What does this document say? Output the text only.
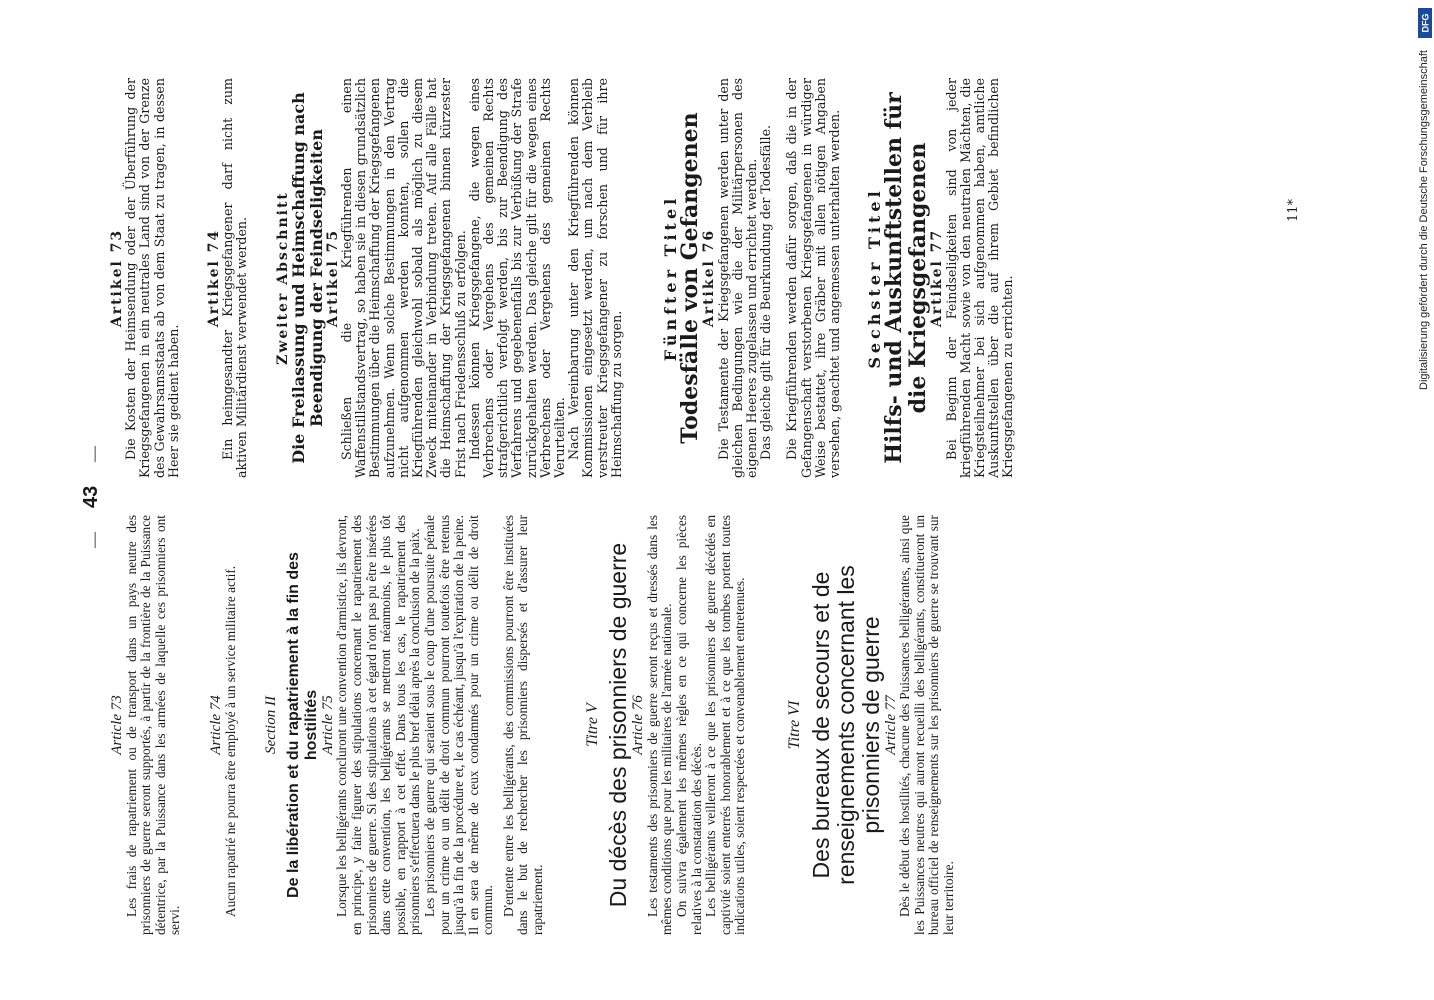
43
—
—
Article 73

Les frais de rapatriement ou de transport dans un pays neutre des prisonniers de guerre seront supportés, à partir de la frontière de la Puissance détentrice, par la Puissance dans les armées de laquelle ces prisonniers ont servi.

Article 74

Aucun rapatrié ne pourra être employé à un service militaire actif. Section II De la libération et du rapatriement à la fin des hostilités Article 75

Lorsque les belligérants concluront une convention d'armistice, ils devront, en principe, y faire figurer des stipulations concernant le rapatriement des prisonniers de guerre. Si des stipulations à cet égard n'ont pas pu être insérées dans cette convention, les belligérants se mettront néanmoins, le plus tôt possible, en rapport à cet effet. Dans tous les cas, le rapatriement des prisonniers s'effectuera dans le plus bref délai après la conclusion de la paix. Les prisonniers de guerre qui seraient sous le coup d'une poursuite pénale pour un crime ou un délit de droit commun pourront toutefois être retenus jusqu'à la fin de la procédure et, le cas échéant, jusqu'à l'expiration de la peine. Il en sera de même de ceux condamnés pour un crime ou délit de droit commun. D'entente entre les belligérants, des commissions pourront être instituées dans le but de rechercher les prisonniers dispersés et d'assurer leur rapatriement.

Titre V Du décès des prisonniers de guerre Article 76

Les testaments des prisonniers de guerre seront reçus et dressés dans les mêmes conditions que pour les militaires de l'armée nationale. On suivra également les mêmes règles en ce qui concerne les pièces relatives à la constatation des décès. Les belligérants veilleront à ce que les prisonniers de guerre décédés en captivité soient enterrés honorablement et à ce que les tombes portent toutes indications utiles, soient respectées et convenablement entretenues. Titre VI Des bureaux de secours et de renseignements concernant les prisonniers de guerre Article 77

Dès le début des hostilités, chacune des Puissances belligérantes, ainsi que les Puissances neutres qui auront recueilli des belligérants, constitueront un bureau officiel de renseignements sur les prisonniers de guerre se trouvant sur leur territoire.

Artikel 73

Die Kosten der Heimsendung oder der Überführung der Kriegsgefangenen in ein neutrales Land sind von der Grenze des Gewahrsamsstaats ab von dem Staat zu tragen, in dessen Heer sie gedient haben.

Artikel 74

Ein heimgesandter Kriegsgefangener darf nicht zum aktiven Militärdienst verwendet werden. Zweiter Abschnitt
Die Freilassung und Heimschaffung nach Beendigung der Feindseligkeiten Artikel 75

Schließen die Kriegführenden einen Waffenstillstandsvertrag, so haben sie in diesen grundsätzlich Bestimmungen über die Heimschaffung der Kriegsgefangenen aufzunehmen. Wenn solche Bestimmungen in den Vertrag nicht aufgenommen werden konnten, sollen die Kriegführenden gleichwohl sobald als möglich zu diesem Zweck miteinander in Verbindung treten. Auf alle Fälle hat die Heimschaffung der Kriegsgefangenen binnen kürzester Frist nach Friedensschluß zu erfolgen. Indessen können Kriegsgefangene, die wegen eines Verbrechens oder Vergehens des gemeinen Rechts strafgerichtlich verfolgt werden, bis zur Beendigung des Verfahrens und gegebenenfalls bis zur Verbüßung der Strafe zurückgehalten werden. Das gleiche gilt für die wegen eines Verbrechens oder Vergehens des gemeinen Rechts Verurteilten. Nach Vereinbarung unter den Kriegführenden können Kommissionen eingesetzt werden, um nach dem Verbleib verstreuter Kriegsgefangener zu forschen und für ihre Heimschaffung zu sorgen.

Fünfter Titel
Todesfälle von Gefangenen
Artikel 76

Die Testamente der Kriegsgefangenen werden unter den gleichen Bedingungen wie die der Militärpersonen des eigenen Heeres zugelassen und errichtet werden. Das gleiche gilt für die Beurkundung der Todesfälle. Die Kriegführenden werden dafür sorgen, daß die in der Gefangenschaft verstorbenen Kriegsgefangenen in würdiger Weise bestattet, ihre Gräber mit allen nötigen Angaben versehen, geachtet und angemessen unterhalten werden. Sechster Titel
Hilfs- und Auskunftstellen für die Kriegsgefangenen
Artikel 77

Bei Beginn der Feindseligkeiten sind von jeder kriegführenden Macht sowie von den neutralen Mächten, die Kriegsteilnehmer bei sich aufgenommen haben, amtliche Auskunftstellen über die auf ihrem Gebiet befindlichen Kriegsgefangenen zu errichten.

11*	Digitalisierung gefördert durch die Deutsche Forschungsgemeinschaft
DFG
